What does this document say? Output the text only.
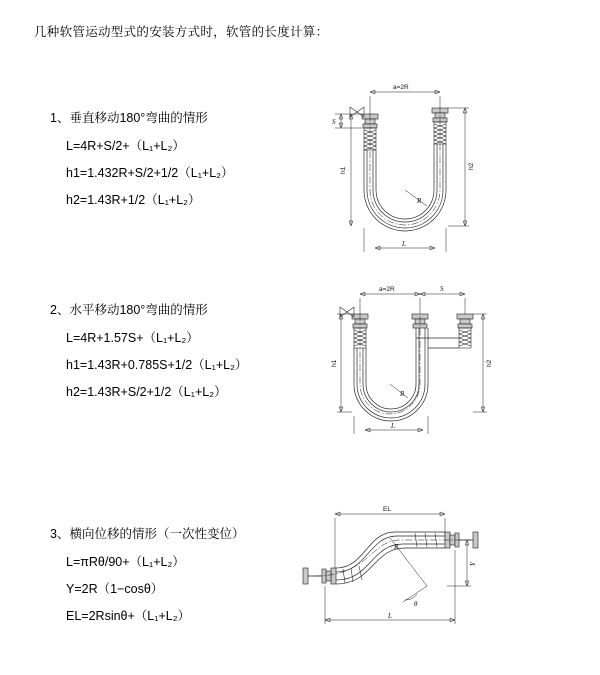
几种软管运动型式的安装方式时，软管的长度计算：
1、垂直移动180°弯曲的情形
L=4R+S/2+（L₁+L₂）
h1=1.432R+S/2+1/2（L₁+L₂）
h2=1.43R+1/2（L₁+L₂）
a=2R
R
L
S
h1
h2
2、水平移动180°弯曲的情形
L=4R+1.57S+（L₁+L₂）
h1=1.43R+0.785S+1/2（L₁+L₂）
h2=1.43R+S/2+1/2（L₁+L₂）
a=2R	S
R
L
h1	h2
3、横向位移的情形（一次性变位）
L=πRθ/90+（L₁+L₂）
Y=2R（1−cosθ）
EL=2Rsinθ+（L₁+L₂）
EL
R
θ
Y
L
